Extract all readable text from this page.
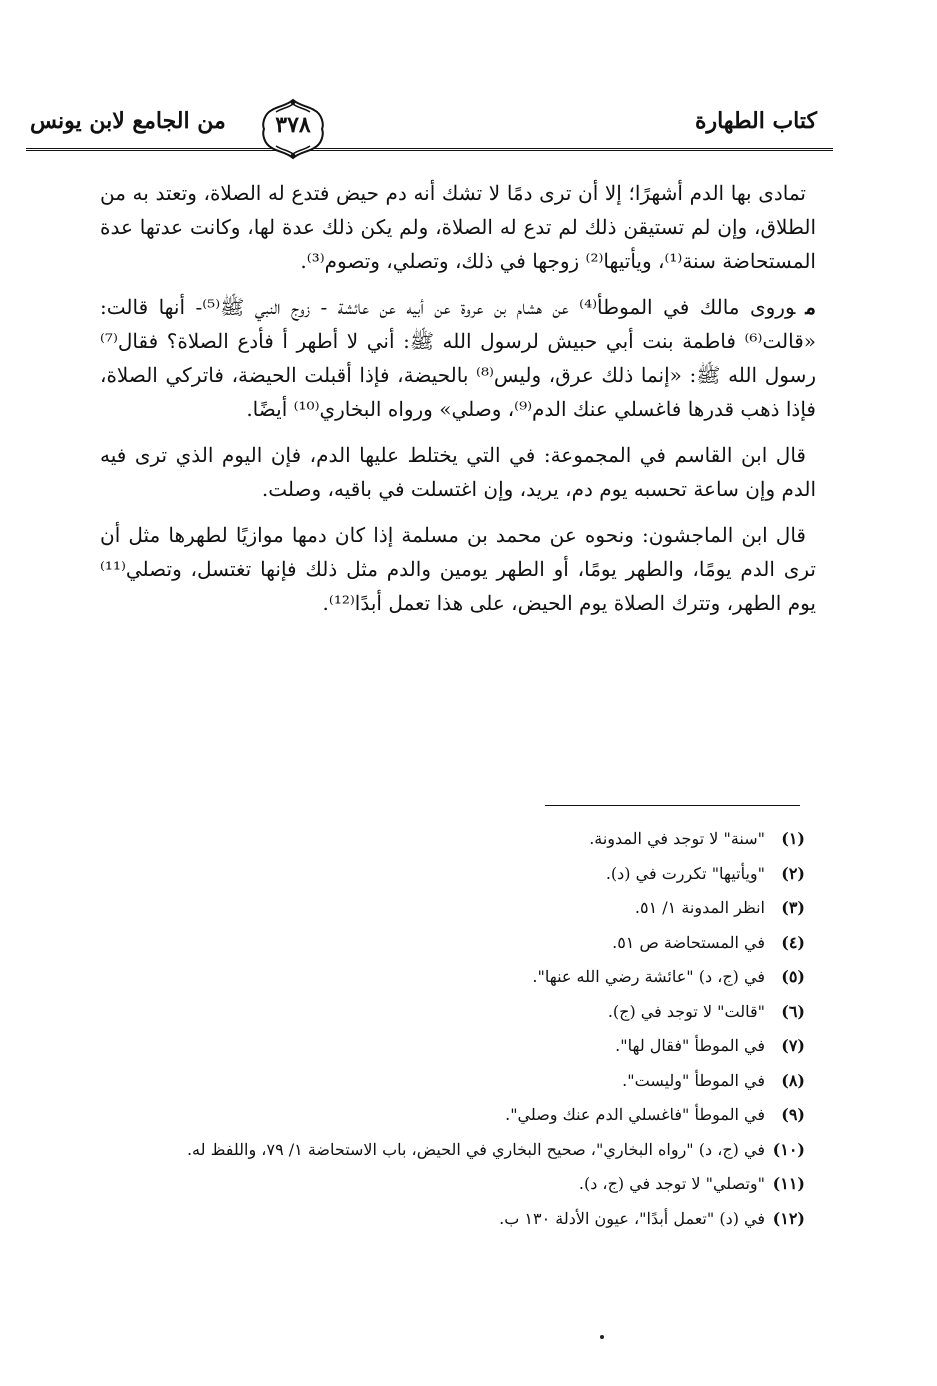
كتاب الطهارة
من الجامع لابن يونس	٣٧٨

تمادى بها الدم أشهرًا؛ إلا أن ترى دمًا لا تشك أنه دم حيض فتدع له الصلاة، وتعتد به من الطلاق، وإن لم تستيقن ذلك لم تدع له الصلاة، ولم يكن ذلك عدة لها، وكانت عدتها عدة المستحاضة سنة⁽¹⁾، ويأتيها⁽²⁾ زوجها في ذلك، وتصلي، وتصوم⁽³⁾.

موروى مالك في الموطأ⁽⁴⁾ عن هشام بن عروة عن أبيه عن عائشة - زوج النبي ﷺ⁽⁵⁾- أنها قالت: «قالت⁽⁶⁾ فاطمة بنت أبي حبيش لرسول الله ﷺ: أني لا أطهر أ فأدع الصلاة؟ فقال⁽⁷⁾ رسول الله ﷺ: «إنما ذلك عرق، وليس⁽⁸⁾ بالحيضة، فإذا أقبلت الحيضة، فاتركي الصلاة، فإذا ذهب قدرها فاغسلي عنك الدم⁽⁹⁾، وصلي» ورواه البخاري⁽¹⁰⁾ أيضًا.

قال ابن القاسم في المجموعة: في التي يختلط عليها الدم، فإن اليوم الذي ترى فيه الدم وإن ساعة تحسبه يوم دم، يريد، وإن اغتسلت في باقيه، وصلت.

قال ابن الماجشون: ونحوه عن محمد بن مسلمة إذا كان دمها موازيًا لطهرها مثل أن ترى الدم يومًا، والطهر يومًا، أو الطهر يومين والدم مثل ذلك فإنها تغتسل، وتصلي⁽¹¹⁾ يوم الطهر، وتترك الصلاة يوم الحيض، على هذا تعمل أبدًا⁽¹²⁾.

(١)
"سنة" لا توجد في المدونة.
(٢)
"ويأتيها" تكررت في (د).
(٣)
انظر المدونة ١/ ٥١.
(٤)
في المستحاضة ص ٥١.
(٥)
في (ج، د) "عائشة رضي الله عنها".
(٦)
"قالت" لا توجد في (ج).
(٧)
في الموطأ "فقال لها".
(٨)
في الموطأ "وليست".
(٩)
في الموطأ "فاغسلي الدم عنك وصلي".
(١٠)
في (ج، د) "رواه البخاري"، صحيح البخاري في الحيض، باب الاستحاضة ١/ ٧٩، واللفظ له.
(١١)
"وتصلي" لا توجد في (ج، د).
(١٢)
في (د) "تعمل أبدًا"، عيون الأدلة ١٣٠ ب.
